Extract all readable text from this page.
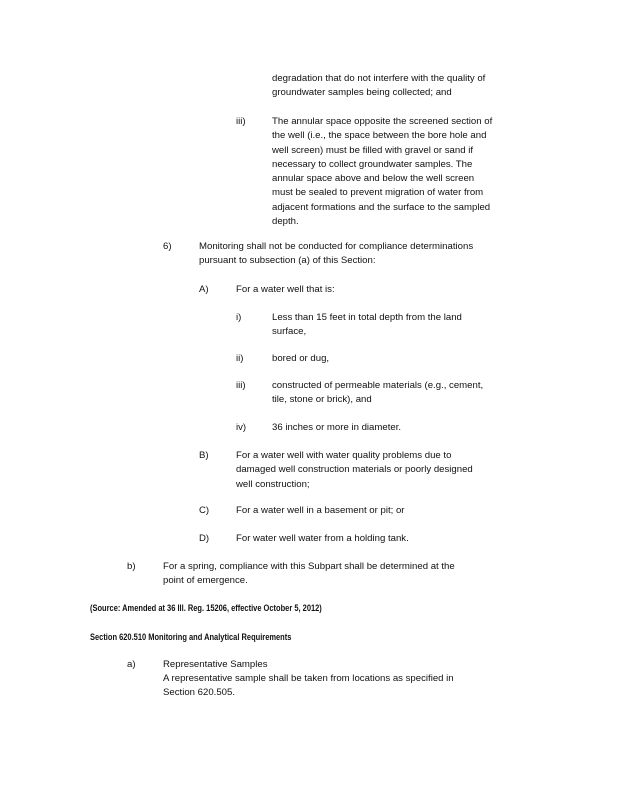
degradation that do not interfere with the quality of
groundwater samples being collected; and
iii)	The annular space opposite the screened section of
the well (i.e., the space between the bore hole and
well screen) must be filled with gravel or sand if
necessary to collect groundwater samples. The
annular space above and below the well screen
must be sealed to prevent migration of water from
adjacent formations and the surface to the sampled
depth.
6)	Monitoring shall not be conducted for compliance determinations
pursuant to subsection (a) of this Section:
A)	For a water well that is:
i)	Less than 15 feet in total depth from the land
surface,
ii)	bored or dug,
iii)	constructed of permeable materials (e.g., cement,
tile, stone or brick), and
iv)	36 inches or more in diameter.
B)	For a water well with water quality problems due to
damaged well construction materials or poorly designed
well construction;
C)	For a water well in a basement or pit; or
D)	For water well water from a holding tank.
b)	For a spring, compliance with this Subpart shall be determined at the
point of emergence.
(Source: Amended at 36 Ill. Reg. 15206, effective October 5, 2012)
Section 620.510 Monitoring and Analytical Requirements
a)	Representative Samples
A representative sample shall be taken from locations as specified in
Section 620.505.
